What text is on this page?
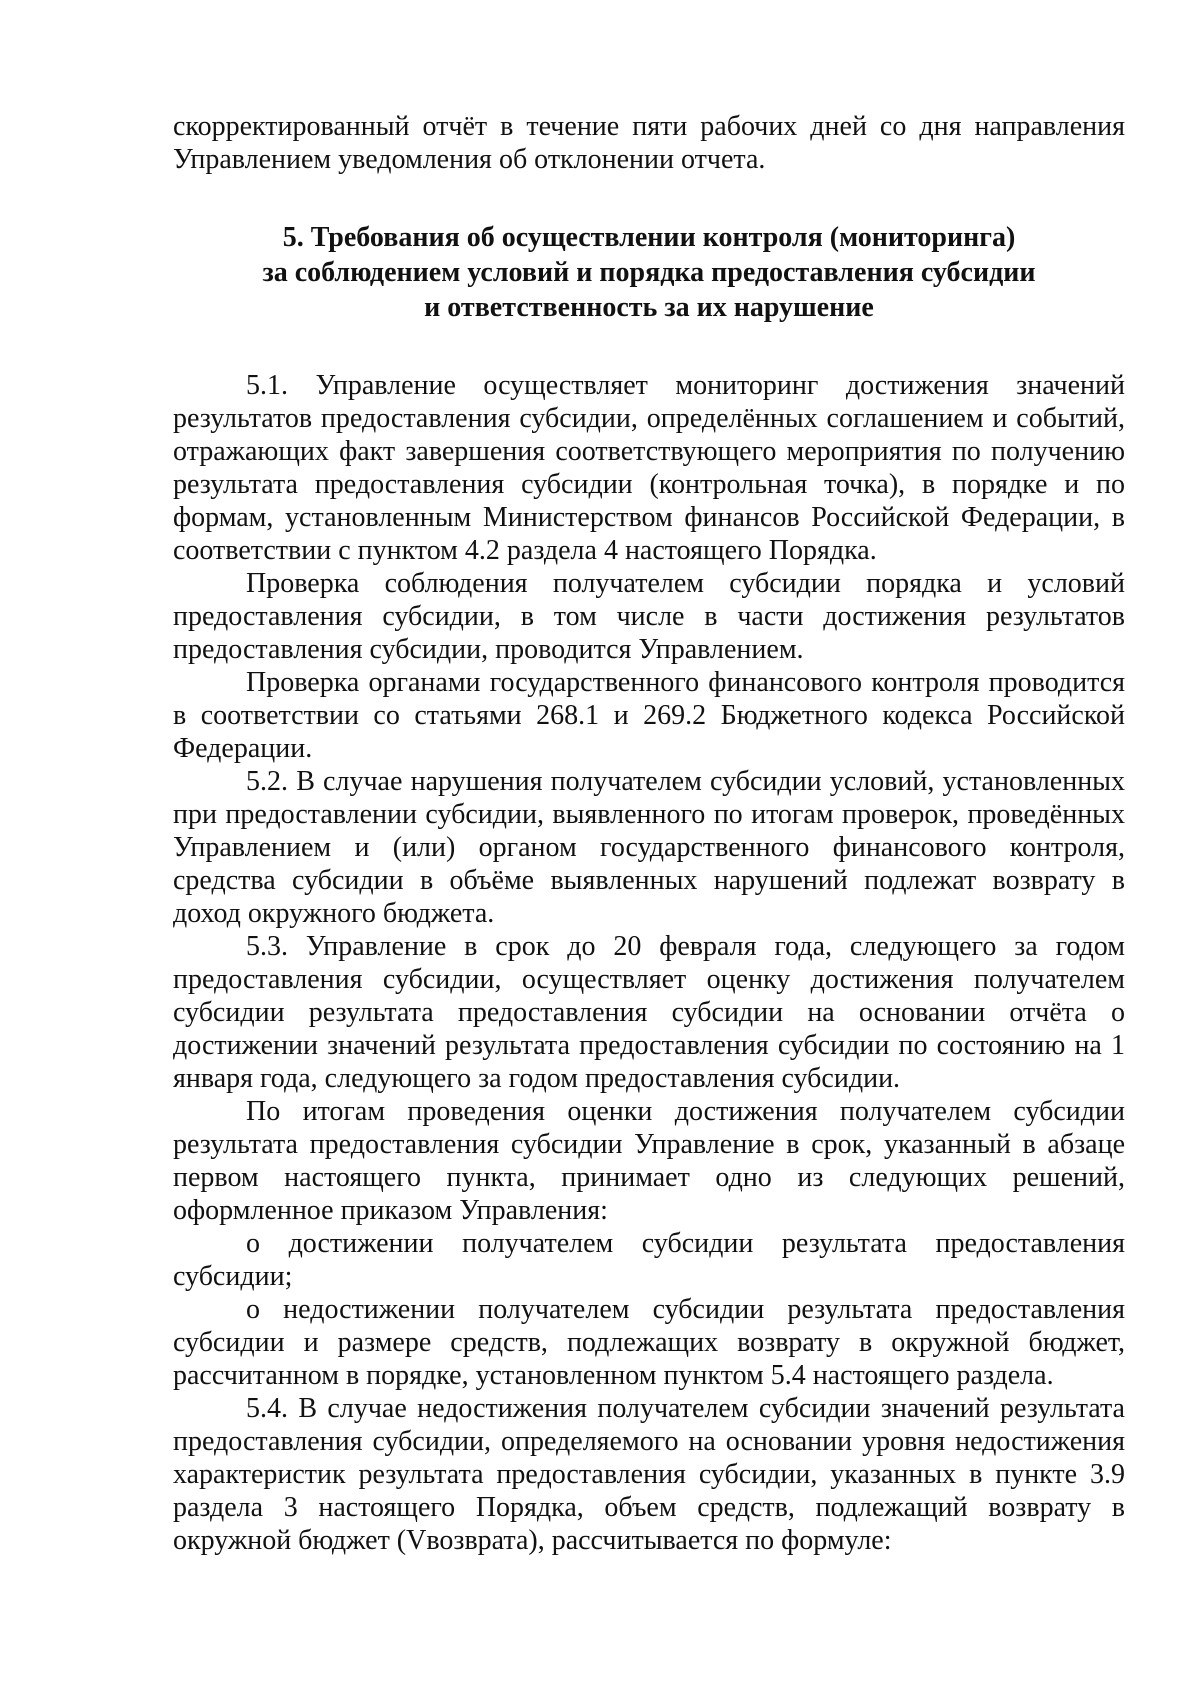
скорректированный отчёт в течение пяти рабочих дней со дня направления Управлением уведомления об отклонении отчета.

5. Требования об осуществлении контроля (мониторинга)
за соблюдением условий и порядка предоставления субсидии
и ответственность за их нарушение

5.1. Управление осуществляет мониторинг достижения значений результатов предоставления субсидии, определённых соглашением и событий, отражающих факт завершения соответствующего мероприятия по получению результата предоставления субсидии (контрольная точка), в порядке и по формам, установленным Министерством финансов Российской Федерации, в соответствии с пунктом 4.2 раздела 4 настоящего Порядка.

Проверка соблюдения получателем субсидии порядка и условий предоставления субсидии, в том числе в части достижения результатов предоставления субсидии, проводится Управлением.

Проверка органами государственного финансового контроля проводится в соответствии со статьями 268.1 и 269.2 Бюджетного кодекса Российской Федерации.

5.2. В случае нарушения получателем субсидии условий, установленных при предоставлении субсидии, выявленного по итогам проверок, проведённых Управлением и (или) органом государственного финансового контроля, средства субсидии в объёме выявленных нарушений подлежат возврату в доход окружного бюджета.

5.3. Управление в срок до 20 февраля года, следующего за годом предоставления субсидии, осуществляет оценку достижения получателем субсидии результата предоставления субсидии на основании отчёта о достижении значений результата предоставления субсидии по состоянию на 1 января года, следующего за годом предоставления субсидии.

По итогам проведения оценки достижения получателем субсидии результата предоставления субсидии Управление в срок, указанный в абзаце первом настоящего пункта, принимает одно из следующих решений, оформленное приказом Управления:

о достижении получателем субсидии результата предоставления субсидии;

о недостижении получателем субсидии результата предоставления субсидии и размере средств, подлежащих возврату в окружной бюджет, рассчитанном в порядке, установленном пунктом 5.4 настоящего раздела.

5.4. В случае недостижения получателем субсидии значений результата предоставления субсидии, определяемого на основании уровня недостижения характеристик результата предоставления субсидии, указанных в пункте 3.9 раздела 3 настоящего Порядка, объем средств, подлежащий возврату в окружной бюджет (Vвозврата), рассчитывается по формуле:
